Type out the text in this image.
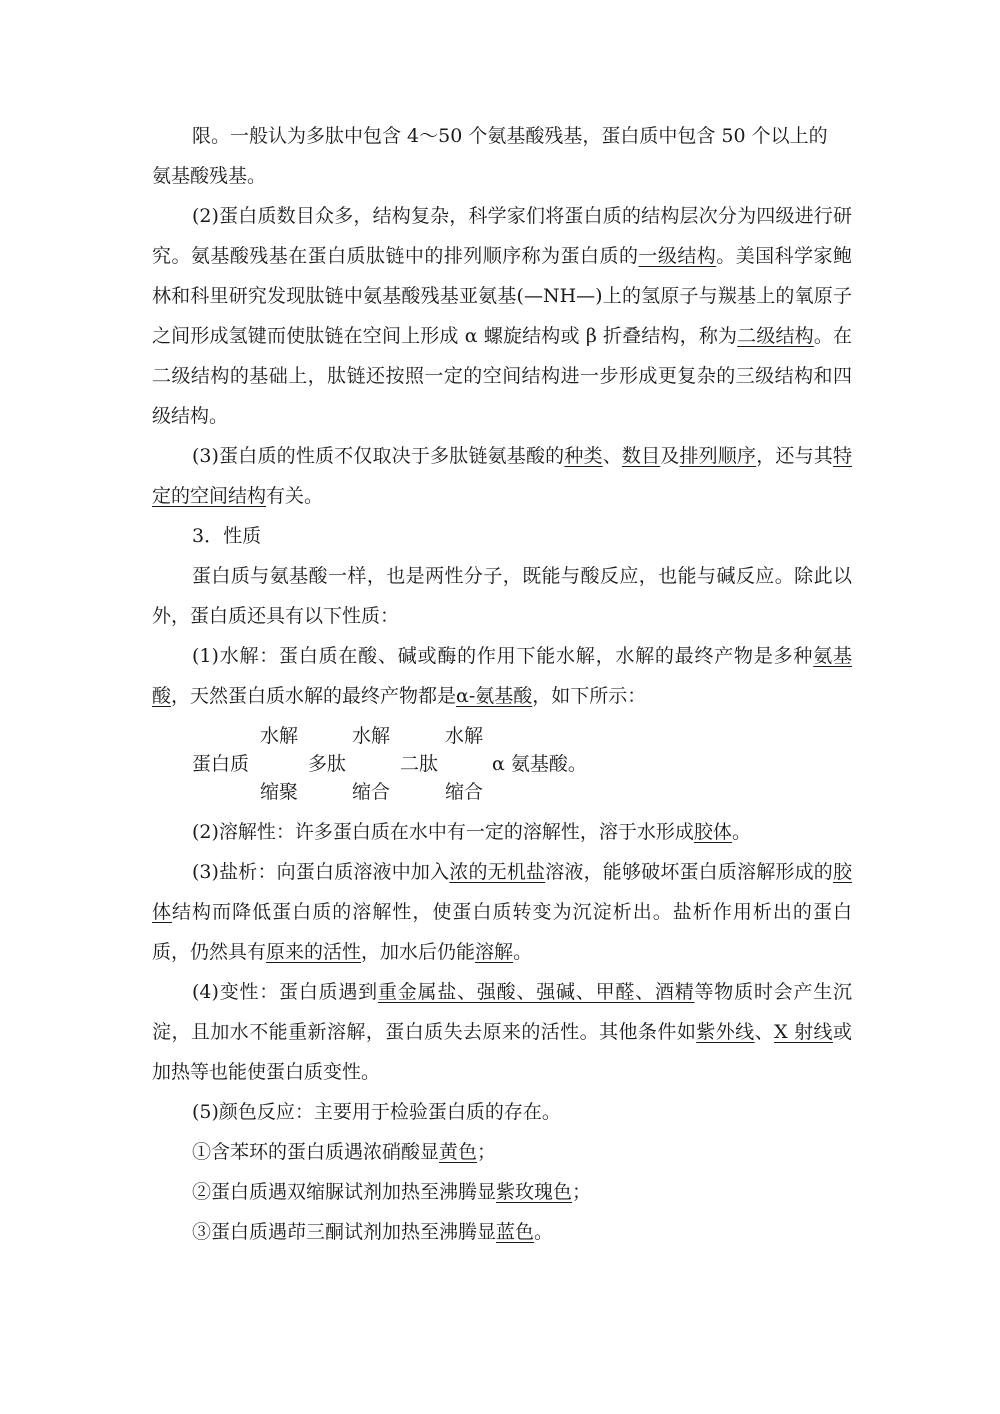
限。一般认为多肽中包含 4～50 个氨基酸残基，蛋白质中包含 50 个以上的

氨基酸残基。

(2)蛋白质数目众多，结构复杂，科学家们将蛋白质的结构层次分为四级进行研究。氨基酸残基在蛋白质肽链中的排列顺序称为蛋白质的一级结构。美国科学家鲍林和科里研究发现肽链中氨基酸残基亚氨基(—NH—)上的氢原子与羰基上的氧原子之间形成氢键而使肽链在空间上形成 α 螺旋结构或 β 折叠结构，称为二级结构。在二级结构的基础上，肽链还按照一定的空间结构进一步形成更复杂的三级结构和四级结构。

(3)蛋白质的性质不仅取决于多肽链氨基酸的种类、数目及排列顺序，还与其特定的空间结构有关。

3．性质

蛋白质与氨基酸一样，也是两性分子，既能与酸反应，也能与碱反应。除此以外，蛋白质还具有以下性质：

(1)水解：蛋白质在酸、碱或酶的作用下能水解，水解的最终产物是多种氨基酸，天然蛋白质水解的最终产物都是α-氨基酸，如下所示：

水解	水解	水解
蛋白质	多肽	二肽	α 氨基酸。
缩聚	缩合	缩合

(2)溶解性：许多蛋白质在水中有一定的溶解性，溶于水形成胶体。

(3)盐析：向蛋白质溶液中加入浓的无机盐溶液，能够破坏蛋白质溶解形成的胶体结构而降低蛋白质的溶解性，使蛋白质转变为沉淀析出。盐析作用析出的蛋白质，仍然具有原来的活性，加水后仍能溶解。

(4)变性：蛋白质遇到重金属盐、强酸、强碱、甲醛、酒精等物质时会产生沉淀，且加水不能重新溶解，蛋白质失去原来的活性。其他条件如紫外线、X 射线或加热等也能使蛋白质变性。

(5)颜色反应：主要用于检验蛋白质的存在。

①含苯环的蛋白质遇浓硝酸显黄色；

②蛋白质遇双缩脲试剂加热至沸腾显紫玫瑰色；

③蛋白质遇茚三酮试剂加热至沸腾显蓝色。
